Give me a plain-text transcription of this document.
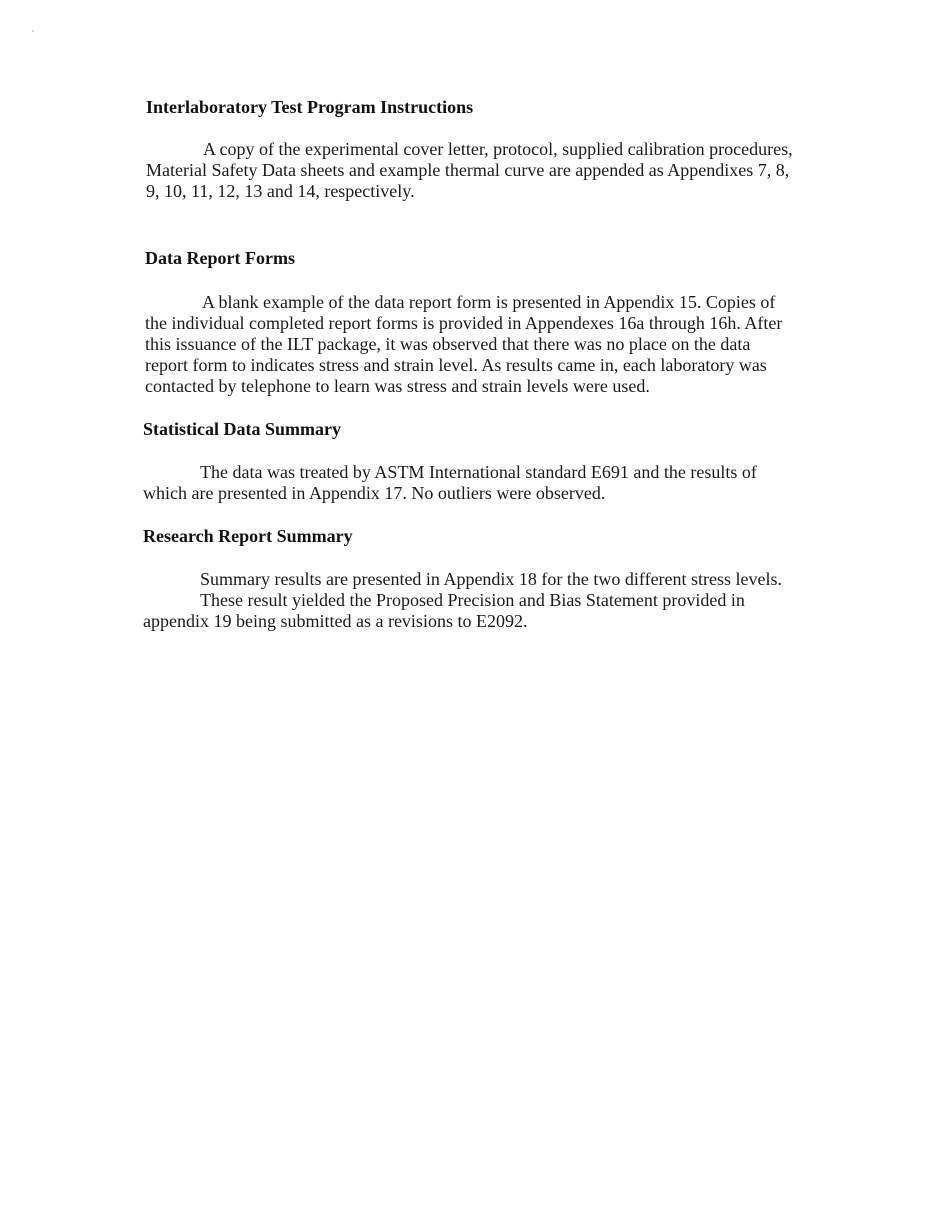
Interlaboratory Test Program Instructions

A copy of the experimental cover letter, protocol, supplied calibration procedures,
Material Safety Data sheets and example thermal curve are appended as Appendixes 7, 8,
9, 10, 11, 12, 13 and 14, respectively.

Data Report Forms

A blank example of the data report form is presented in Appendix 15. Copies of
the individual completed report forms is provided in Appendexes 16a through 16h. After
this issuance of the ILT package, it was observed that there was no place on the data
report form to indicates stress and strain level. As results came in, each laboratory was
contacted by telephone to learn was stress and strain levels were used.

Statistical Data Summary

The data was treated by ASTM International standard E691 and the results of
which are presented in Appendix 17. No outliers were observed.

Research Report Summary

Summary results are presented in Appendix 18 for the two different stress levels.
These result yielded the Proposed Precision and Bias Statement provided in
appendix 19 being submitted as a revisions to E2092.
